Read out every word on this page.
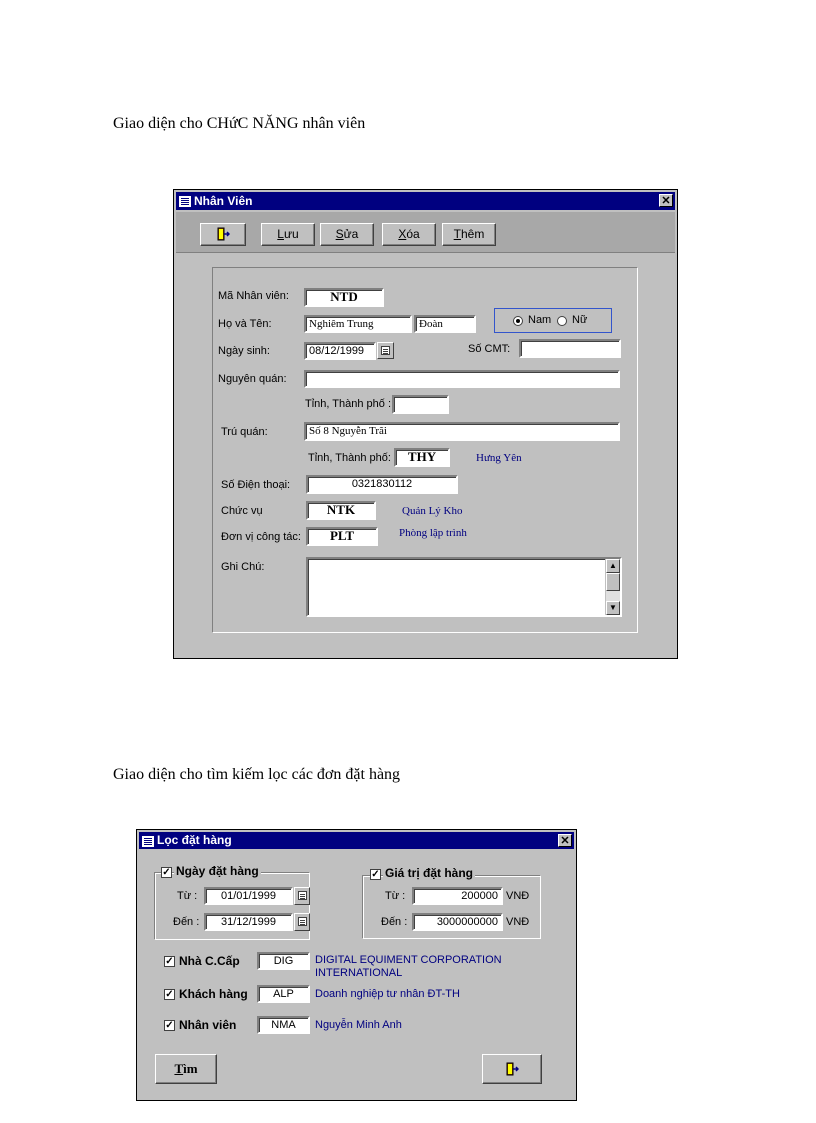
Giao diện cho CHứC NĂNG nhân viên
Nhân Viên	✕
Lưu	Sửa	Xóa	Thêm
Mã Nhân viên:	NTD
Họ và Tên:	Nghiêm Trung	Đoàn	Nam Nữ
Ngày sinh:	08/12/1999	Số CMT:
Nguyên quán:
Tỉnh, Thành phố :
Trú quán:	Số 8 Nguyễn Trãi
Tỉnh, Thành phố:	THY	Hưng Yên
Số Điện thoại:	0321830112
Chức vụ	NTK	Quản Lý Kho
Đơn vị công tác:	PLT	Phòng lập trình
Ghi Chú:	▲
▼
Giao diện cho tìm kiếm lọc các đơn đặt hàng
Lọc đặt hàng	✕
✓ Ngày đặt hàng
Từ :	01/01/1999
Đến :	31/12/1999
✓ Giá trị đặt hàng
Từ :	200000 VNĐ
Đến :	3000000000 VNĐ
✓ Nhà C.Cấp	DIG	DIGITAL EQUIMENT CORPORATION
INTERNATIONAL
✓ Khách hàng	ALP	Doanh nghiệp tư nhân ĐT-TH
✓ Nhân viên	NMA	Nguyễn Minh Anh
Tìm
